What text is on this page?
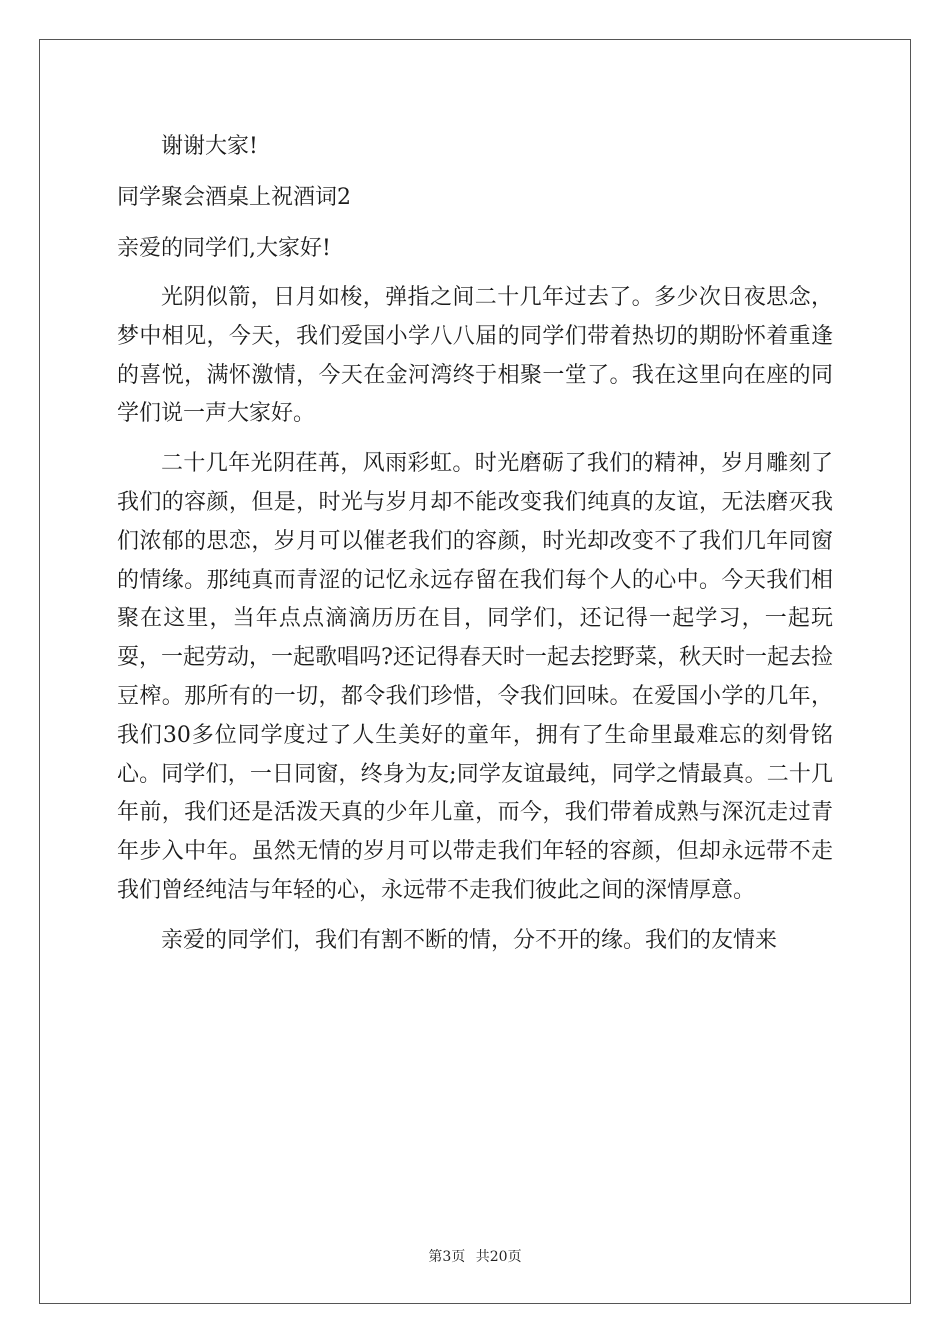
谢谢大家!

同学聚会酒桌上祝酒词2

亲爱的同学们,大家好!

光阴似箭，日月如梭，弹指之间二十几年过去了。多少次日夜思念，梦中相见，今天，我们爱国小学八八届的同学们带着热切的期盼怀着重逢的喜悦，满怀激情，今天在金河湾终于相聚一堂了。我在这里向在座的同学们说一声大家好。

二十几年光阴荏苒，风雨彩虹。时光磨砺了我们的精神，岁月雕刻了我们的容颜，但是，时光与岁月却不能改变我们纯真的友谊，无法磨灭我们浓郁的思恋，岁月可以催老我们的容颜，时光却改变不了我们几年同窗的情缘。那纯真而青涩的记忆永远存留在我们每个人的心中。今天我们相聚在这里，当年点点滴滴历历在目，同学们，还记得一起学习，一起玩耍，一起劳动，一起歌唱吗?还记得春天时一起去挖野菜，秋天时一起去捡豆榨。那所有的一切，都令我们珍惜，令我们回味。在爱国小学的几年，我们30多位同学度过了人生美好的童年，拥有了生命里最难忘的刻骨铭心。同学们，一日同窗，终身为友;同学友谊最纯，同学之情最真。二十几年前，我们还是活泼天真的少年儿童，而今，我们带着成熟与深沉走过青年步入中年。虽然无情的岁月可以带走我们年轻的容颜，但却永远带不走我们曾经纯洁与年轻的心，永远带不走我们彼此之间的深情厚意。

亲爱的同学们，我们有割不断的情，分不开的缘。我们的友情来

第3页 共20页
